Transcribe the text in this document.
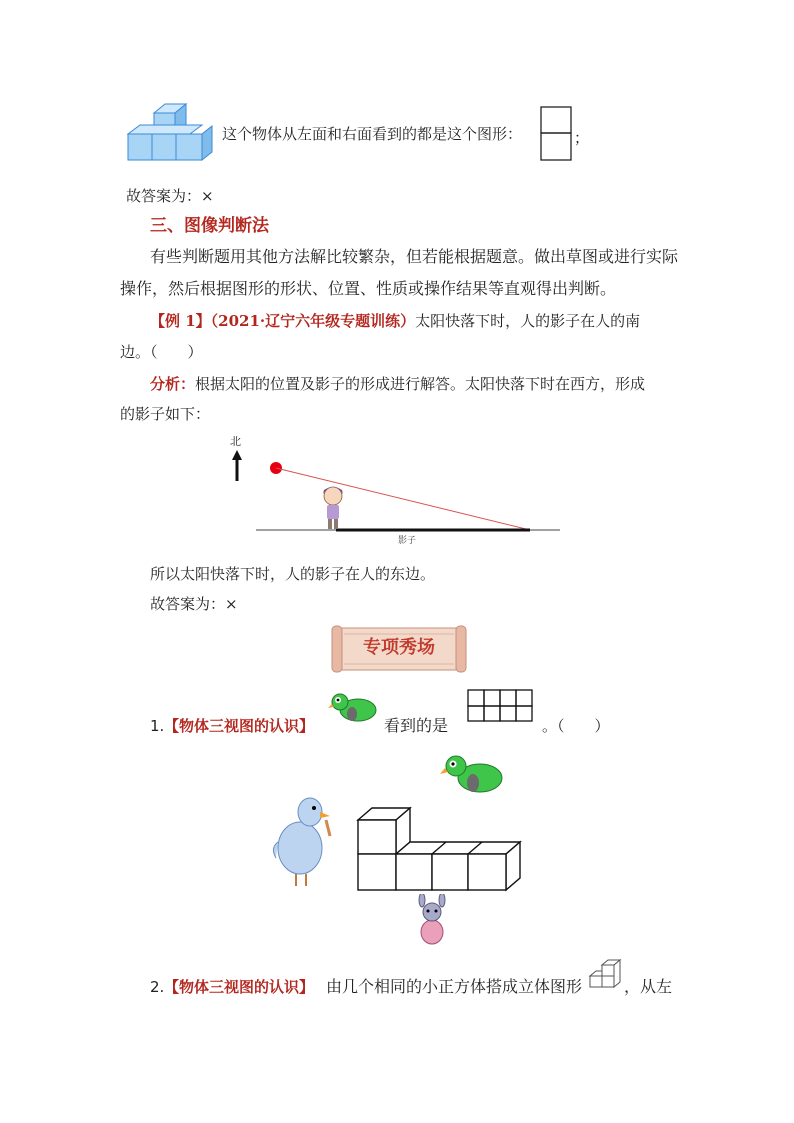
这个物体从左面和右面看到的都是这个图形：	；
故答案为：×
三、图像判断法
有些判断题用其他方法解比较繁杂，但若能根据题意。做出草图或进行实际
操作，然后根据图形的形状、位置、性质或操作结果等直观得出判断。
【例 1】（2021·辽宁六年级专题训练）太阳快落下时，人的影子在人的南
边。（　　）
分析：根据太阳的位置及影子的形成进行解答。太阳快落下时在西方，形成
的影子如下：
北
影子
所以太阳快落下时，人的影子在人的东边。
故答案为：×
专项秀场
1. 【物体三视图的认识】	看到的是	。（　　）
2. 【物体三视图的认识】 由几个相同的小正方体搭成立体图形	，从左
